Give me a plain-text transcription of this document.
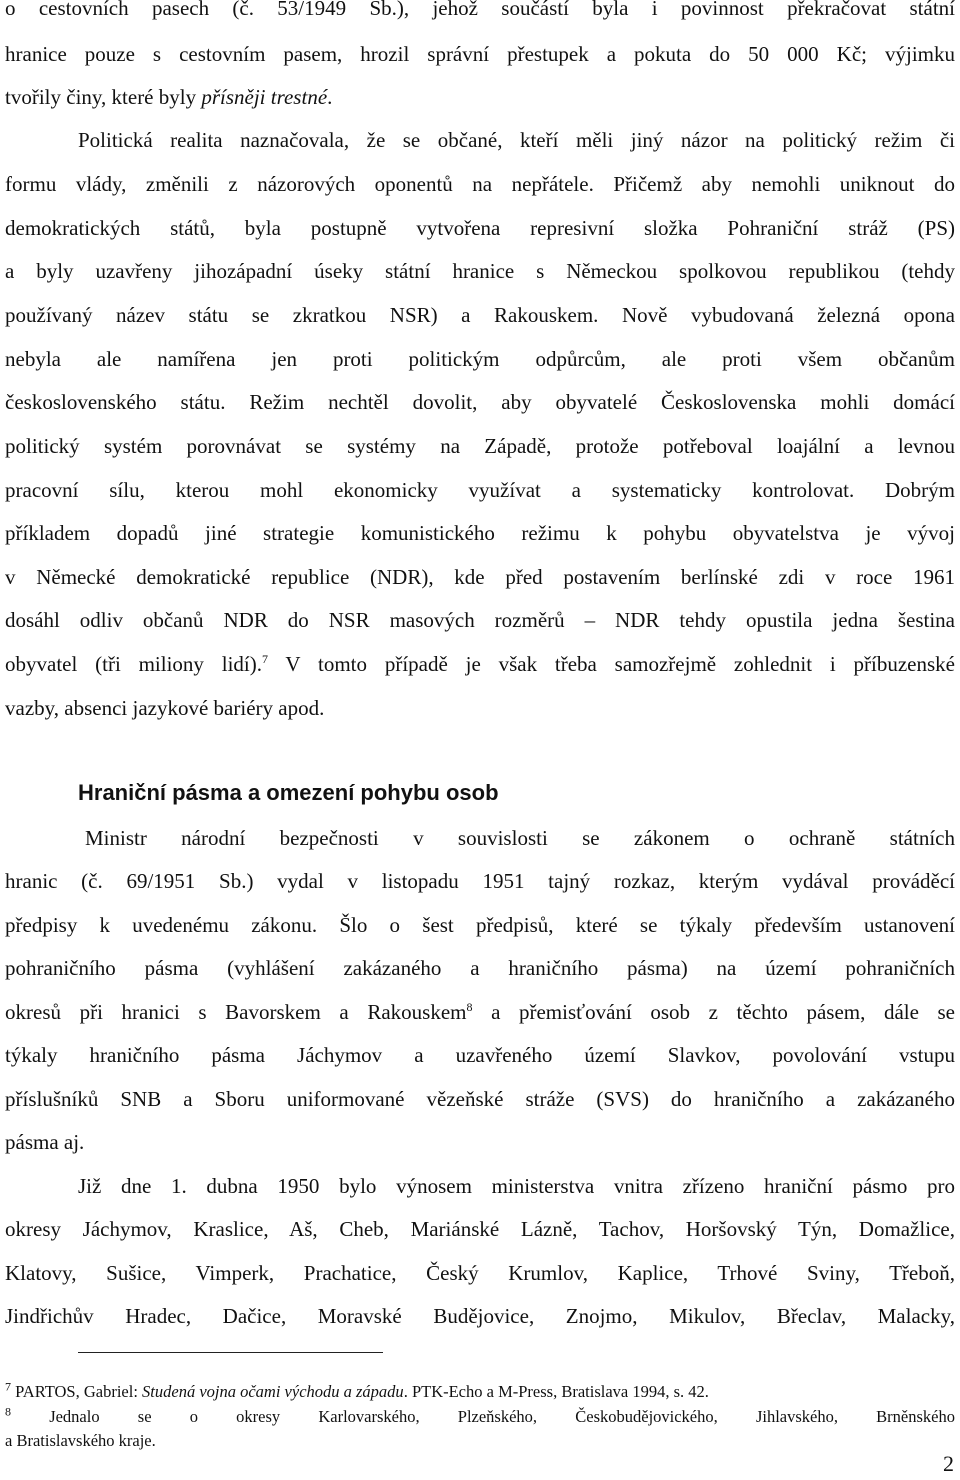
o cestovních pasech (č. 53/1949 Sb.), jehož součástí byla i povinnost překračovat státní
hranice pouze s cestovním pasem, hrozil správní přestupek a pokuta do 50 000 Kč; výjimku
tvořily činy, které byly přísněji trestné.
Politická realita naznačovala, že se občané, kteří měli jiný názor na politický režim či
formu vlády, změnili z názorových oponentů na nepřátele. Přičemž aby nemohli uniknout do
demokratických států, byla postupně vytvořena represivní složka Pohraniční stráž (PS)
a byly uzavřeny jihozápadní úseky státní hranice s Německou spolkovou republikou (tehdy
používaný název státu se zkratkou NSR) a Rakouskem. Nově vybudovaná železná opona
nebyla ale namířena jen proti politickým odpůrcům, ale proti všem občanům
československého státu. Režim nechtěl dovolit, aby obyvatelé Československa mohli domácí
politický systém porovnávat se systémy na Západě, protože potřeboval loajální a levnou
pracovní sílu, kterou mohl ekonomicky využívat a systematicky kontrolovat. Dobrým
příkladem dopadů jiné strategie komunistického režimu k pohybu obyvatelstva je vývoj
v Německé demokratické republice (NDR), kde před postavením berlínské zdi v roce 1961
dosáhl odliv občanů NDR do NSR masových rozměrů – NDR tehdy opustila jedna šestina
obyvatel (tři miliony lidí).$^7$ V tomto případě je však třeba samozřejmě zohlednit i příbuzenské
vazby, absenci jazykové bariéry apod.
Hraniční pásma a omezení pohybu osob
Ministr národní bezpečnosti v souvislosti se zákonem o ochraně státních
hranic (č. 69/1951 Sb.) vydal v listopadu 1951 tajný rozkaz, kterým vydával prováděcí
předpisy k uvedenému zákonu. Šlo o šest předpisů, které se týkaly především ustanovení
pohraničního pásma (vyhlášení zakázaného a hraničního pásma) na území pohraničních
okresů při hranici s Bavorskem a Rakouskem$^8$ a přemisťování osob z těchto pásem, dále se
týkaly hraničního pásma Jáchymov a uzavřeného území Slavkov, povolování vstupu
příslušníků SNB a Sboru uniformované vězeňské stráže (SVS) do hraničního a zakázaného
pásma aj.
Již dne 1. dubna 1950 bylo výnosem ministerstva vnitra zřízeno hraniční pásmo pro
okresy Jáchymov, Kraslice, Aš, Cheb, Mariánské Lázně, Tachov, Horšovský Týn, Domažlice,
Klatovy, Sušice, Vimperk, Prachatice, Český Krumlov, Kaplice, Trhové Sviny, Třeboň,
Jindřichův Hradec, Dačice, Moravské Budějovice, Znojmo, Mikulov, Břeclav, Malacky,
$^7$ PARTOS, Gabriel: Studená vojna očami východu a západu. PTK-Echo a M-Press, Bratislava 1994, s. 42.
$^8$ Jednalo se o okresy Karlovarského, Plzeňského, Českobudějovického, Jihlavského, Brněnského
a Bratislavského kraje.
2
